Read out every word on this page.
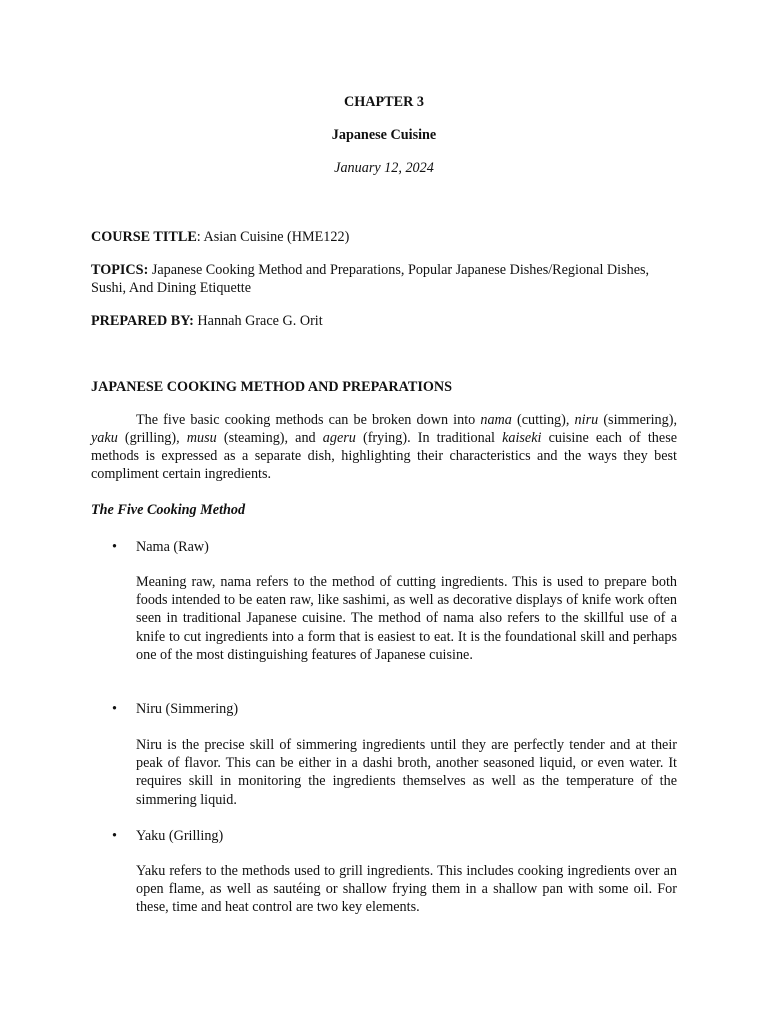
CHAPTER 3
Japanese Cuisine
January 12, 2024
COURSE TITLE: Asian Cuisine (HME122)
TOPICS: Japanese Cooking Method and Preparations, Popular Japanese Dishes/Regional Dishes, Sushi, And Dining Etiquette
PREPARED BY: Hannah Grace G. Orit
JAPANESE COOKING METHOD AND PREPARATIONS
The five basic cooking methods can be broken down into nama (cutting), niru (simmering), yaku (grilling), musu (steaming), and ageru (frying). In traditional kaiseki cuisine each of these methods is expressed as a separate dish, highlighting their characteristics and the ways they best compliment certain ingredients.
The Five Cooking Method
•	Nama (Raw)
Meaning raw, nama refers to the method of cutting ingredients. This is used to prepare both foods intended to be eaten raw, like sashimi, as well as decorative displays of knife work often seen in traditional Japanese cuisine. The method of nama also refers to the skillful use of a knife to cut ingredients into a form that is easiest to eat. It is the foundational skill and perhaps one of the most distinguishing features of Japanese cuisine.
•	Niru (Simmering)
Niru is the precise skill of simmering ingredients until they are perfectly tender and at their peak of flavor. This can be either in a dashi broth, another seasoned liquid, or even water. It requires skill in monitoring the ingredients themselves as well as the temperature of the simmering liquid.
•	Yaku (Grilling)
Yaku refers to the methods used to grill ingredients. This includes cooking ingredients over an open flame, as well as sautéing or shallow frying them in a shallow pan with some oil. For these, time and heat control are two key elements.
